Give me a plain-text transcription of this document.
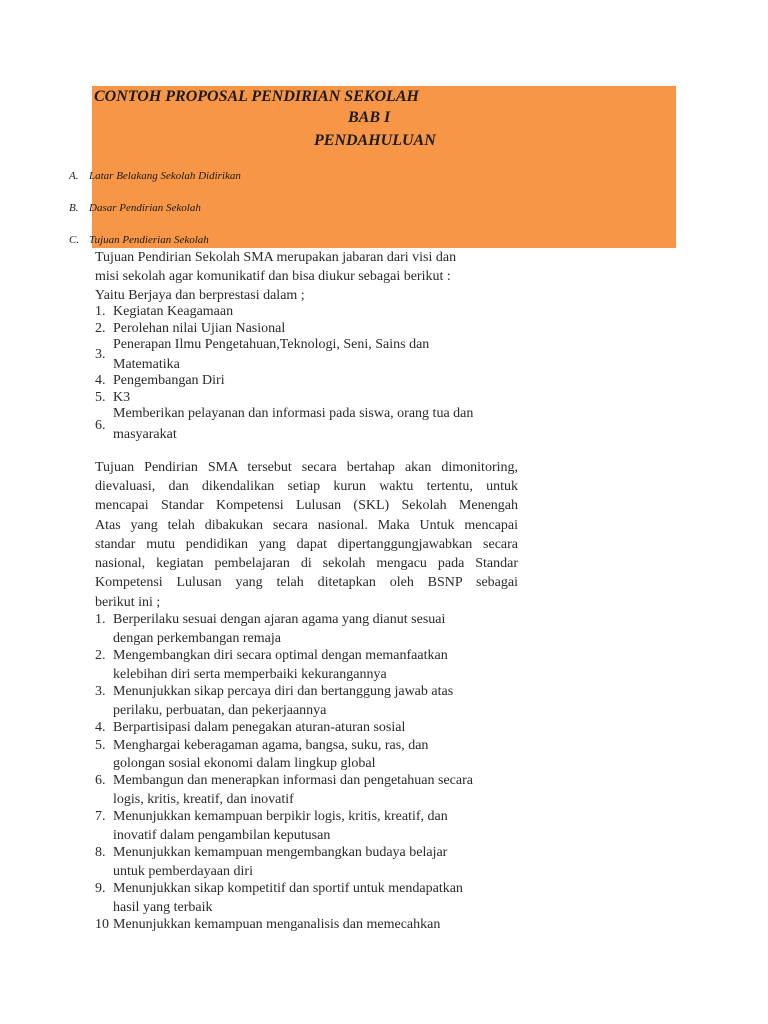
CONTOH PROPOSAL PENDIRIAN SEKOLAH
BAB I
PENDAHULUAN
A. Latar Belakang Sekolah Didirikan
B. Dasar Pendirian Sekolah
C. Tujuan Pendierian Sekolah
Tujuan Pendirian Sekolah SMA merupakan jabaran dari visi dan
misi sekolah agar komunikatif dan bisa diukur sebagai berikut :
Yaitu Berjaya dan berprestasi dalam ;
1. Kegiatan Keagamaan
2. Perolehan nilai Ujian Nasional
3.
Penerapan Ilmu Pengetahuan,Teknologi, Seni, Sains dan
Matematika
4. Pengembangan Diri
5. K3
6.
Memberikan pelayanan dan informasi pada siswa, orang tua dan
masyarakat
Tujuan Pendirian SMA tersebut secara bertahap akan dimonitoring,
dievaluasi, dan dikendalikan setiap kurun waktu tertentu, untuk
mencapai Standar Kompetensi Lulusan (SKL) Sekolah Menengah
Atas yang telah dibakukan secara nasional. Maka Untuk mencapai
standar mutu pendidikan yang dapat dipertanggungjawabkan secara
nasional, kegiatan pembelajaran di sekolah mengacu pada Standar
Kompetensi Lulusan yang telah ditetapkan oleh BSNP sebagai
berikut ini ;
1. Berperilaku sesuai dengan ajaran agama yang dianut sesuai
dengan perkembangan remaja
2. Mengembangkan diri secara optimal dengan memanfaatkan
kelebihan diri serta memperbaiki kekurangannya
3. Menunjukkan sikap percaya diri dan bertanggung jawab atas
perilaku, perbuatan, dan pekerjaannya
4. Berpartisipasi dalam penegakan aturan-aturan sosial
5. Menghargai keberagaman agama, bangsa, suku, ras, dan
golongan sosial ekonomi dalam lingkup global
6. Membangun dan menerapkan informasi dan pengetahuan secara
logis, kritis, kreatif, dan inovatif
7. Menunjukkan kemampuan berpikir logis, kritis, kreatif, dan
inovatif dalam pengambilan keputusan
8. Menunjukkan kemampuan mengembangkan budaya belajar
untuk pemberdayaan diri
9. Menunjukkan sikap kompetitif dan sportif untuk mendapatkan
hasil yang terbaik
10 Menunjukkan kemampuan menganalisis dan memecahkan
